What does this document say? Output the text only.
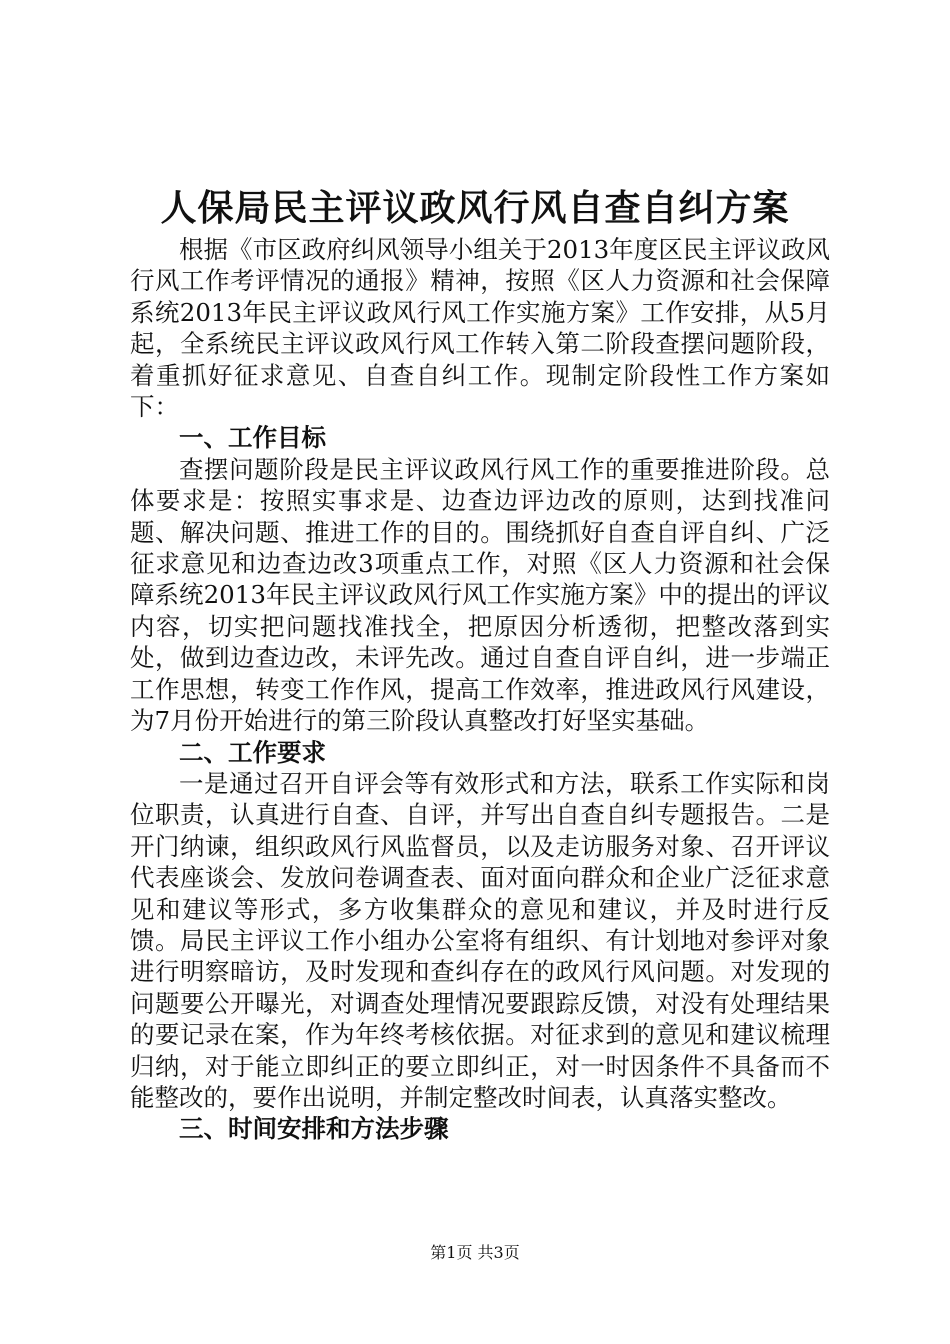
人保局民主评议政风行风自查自纠方案

根据《市区政府纠风领导小组关于2013年度区民主评议政风行风工作考评情况的通报》精神，按照《区人力资源和社会保障系统2013年民主评议政风行风工作实施方案》工作安排，从5月起，全系统民主评议政风行风工作转入第二阶段查摆问题阶段，着重抓好征求意见、自查自纠工作。现制定阶段性工作方案如下：

一、工作目标

查摆问题阶段是民主评议政风行风工作的重要推进阶段。总体要求是：按照实事求是、边查边评边改的原则，达到找准问题、解决问题、推进工作的目的。围绕抓好自查自评自纠、广泛征求意见和边查边改3项重点工作，对照《区人力资源和社会保障系统2013年民主评议政风行风工作实施方案》中的提出的评议内容，切实把问题找准找全，把原因分析透彻，把整改落到实处，做到边查边改，未评先改。通过自查自评自纠，进一步端正工作思想，转变工作作风，提高工作效率，推进政风行风建设，为7月份开始进行的第三阶段认真整改打好坚实基础。

二、工作要求

一是通过召开自评会等有效形式和方法，联系工作实际和岗位职责，认真进行自查、自评，并写出自查自纠专题报告。二是开门纳谏，组织政风行风监督员，以及走访服务对象、召开评议代表座谈会、发放问卷调查表、面对面向群众和企业广泛征求意见和建议等形式，多方收集群众的意见和建议，并及时进行反馈。局民主评议工作小组办公室将有组织、有计划地对参评对象进行明察暗访，及时发现和查纠存在的政风行风问题。对发现的问题要公开曝光，对调查处理情况要跟踪反馈，对没有处理结果的要记录在案，作为年终考核依据。对征求到的意见和建议梳理归纳，对于能立即纠正的要立即纠正，对一时因条件不具备而不能整改的，要作出说明，并制定整改时间表，认真落实整改。

三、时间安排和方法步骤

第1页 共3页
